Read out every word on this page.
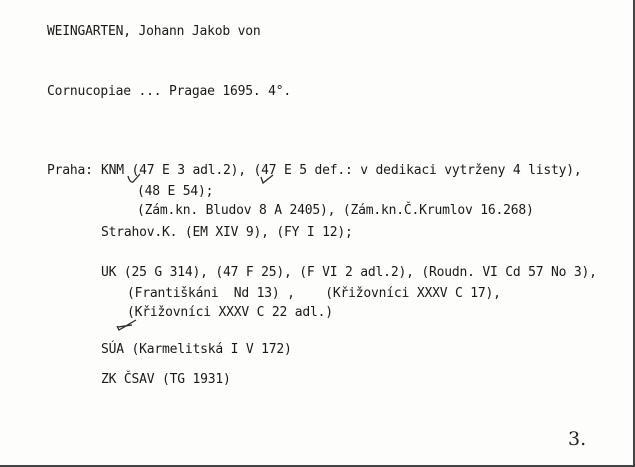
WEINGARTEN, Johann Jakob von
Cornucopiae ... Pragae 1695. 4°.
Praha: KNM (47 E 3 adl.2), (47 E 5 def.: v dedikaci vytrženy 4 listy),
(48 E 54);
(Zám.kn. Bludov 8 A 2405), (Zám.kn.Č.Krumlov 16.268)
Strahov.K. (EM XIV 9), (FY I 12);
UK (25 G 314), (47 F 25), (F VI 2 adl.2), (Roudn. VI Cd 57 No 3),
(Františkáni  Nd 13) ,    (Křižovníci XXXV C 17),
(Křižovníci XXXV C 22 adl.)
SÚA (Karmelitská I V 172)
ZK ČSAV (TG 1931)
3.
